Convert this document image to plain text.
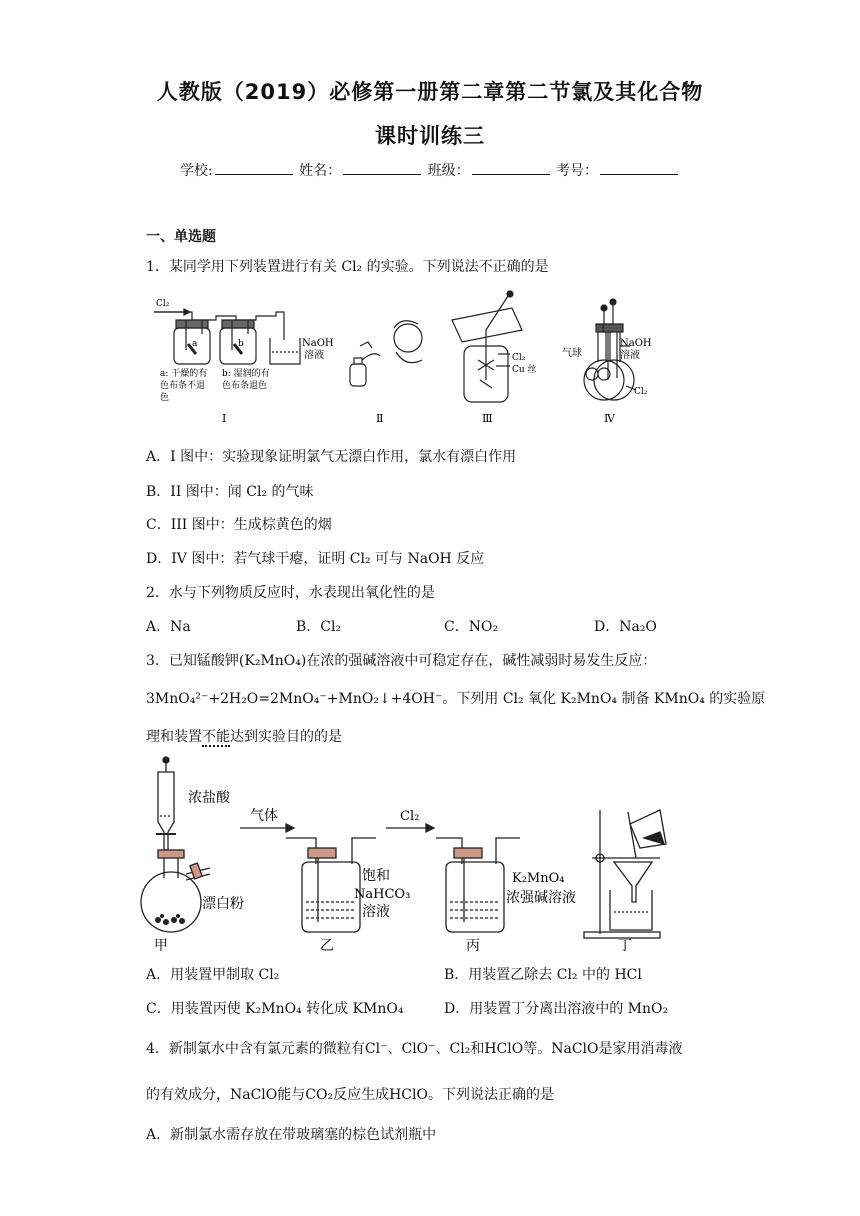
人教版（2019）必修第一册第二章第二节氯及其化合物
课时训练三
学校:	姓名：	班级：	考号：
一、单选题
1．某同学用下列装置进行有关 Cl₂ 的实验。下列说法不正确的是
Cl₂
a	b	NaOH
溶液
a: 干燥的有
色布条不退
色
b: 湿润的有
色布条退色
I	Ⅱ
Cl₂
Cu 丝
Ⅲ
气球
NaOH
溶液
Cl₂
Ⅳ
A．I 图中：实验现象证明氯气无漂白作用，氯水有漂白作用
B．II 图中：闻 Cl₂ 的气味
C．III 图中：生成棕黄色的烟
D．IV 图中：若气球干瘪，证明 Cl₂ 可与 NaOH 反应
2．水与下列物质反应时，水表现出氧化性的是
A．Na	B．Cl₂	C．NO₂	D．Na₂O
3．已知锰酸钾(K₂MnO₄)在浓的强碱溶液中可稳定存在，碱性减弱时易发生反应：
3MnO₄²⁻+2H₂O=2MnO₄⁻+MnO₂↓+4OH⁻。下列用 Cl₂ 氧化 K₂MnO₄ 制备 KMnO₄ 的实验原
理和装置不能达到实验目的的是
浓盐酸
漂白粉
气体	Cl₂
饱和
NaHCO₃
溶液
K₂MnO₄
浓强碱溶液
甲	乙	丙	丁
A．用装置甲制取 Cl₂	B．用装置乙除去 Cl₂ 中的 HCl
C．用装置丙使 K₂MnO₄ 转化成 KMnO₄	D．用装置丁分离出溶液中的 MnO₂
4．新制氯水中含有氯元素的微粒有Cl⁻、ClO⁻、Cl₂和HClO等。NaClO是家用消毒液
的有效成分，NaClO能与CO₂反应生成HClO。下列说法正确的是
A．新制氯水需存放在带玻璃塞的棕色试剂瓶中
